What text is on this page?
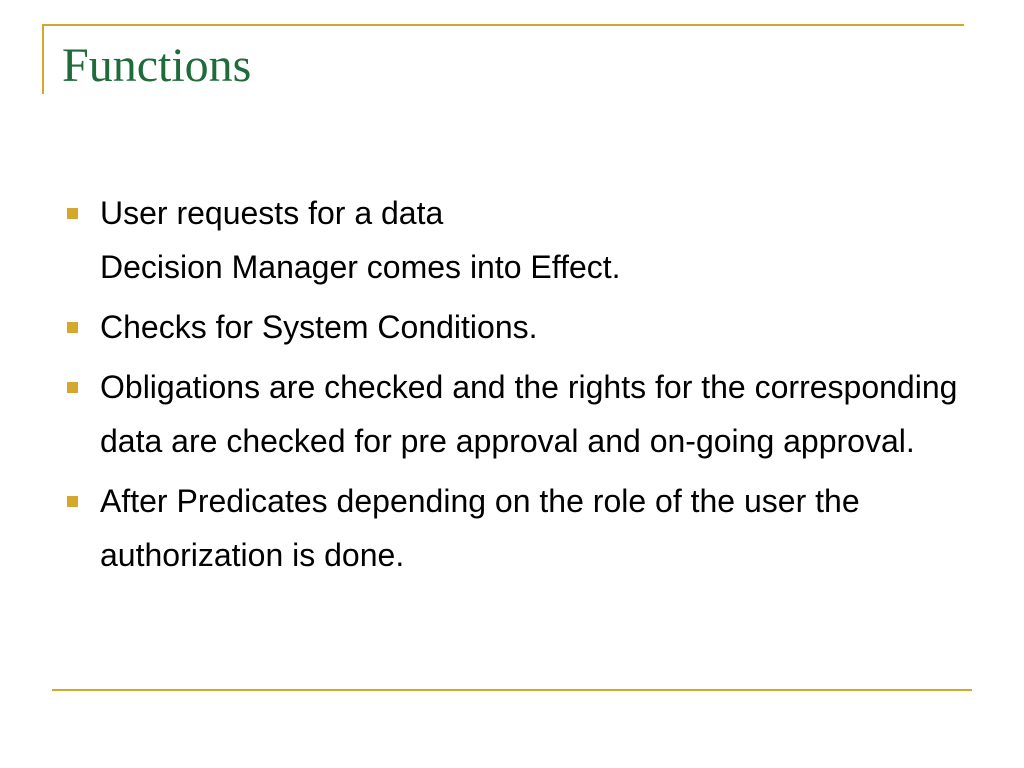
Functions
User requests for a data
Decision Manager comes into Effect.
Checks for System Conditions.
Obligations are checked and the rights for the corresponding data are checked for pre approval and on-going approval.
After Predicates depending on the role of the user the authorization is done.
